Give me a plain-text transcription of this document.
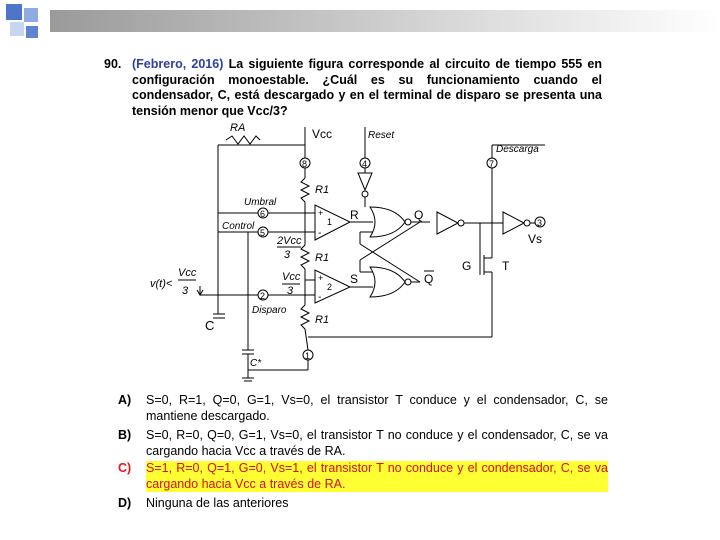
90. (Febrero, 2016) La siguiente figura corresponde al circuito de tiempo 555 en configuración monoestable. ¿Cuál es su funcionamiento cuando el condensador, C, está descargado y en el terminal de disparo se presenta una tensión menor que Vcc/3?
RA	Vcc	Reset
Descarga
8	4	7
6
5
2
1
3
R1
R1
R1
+
-
1
Umbral
Control
2Vcc
3
+
-
2
Vcc
3
v(t)<
Vcc
3
Disparo
C
C*
R	Q
S	Q
Vs
G	T
A) S=0, R=1, Q=0, G=1, Vs=0, el transistor T conduce y el condensador, C, se mantiene descargado.
B) S=0, R=0, Q=0, G=1, Vs=0, el transistor T no conduce y el condensador, C, se va cargando hacia Vcc a través de RA.
C) S=1, R=0, Q=1, G=0, Vs=1, el transistor T no conduce y el condensador, C, se va cargando hacia Vcc a través de RA.
D) Ninguna de las anteriores
